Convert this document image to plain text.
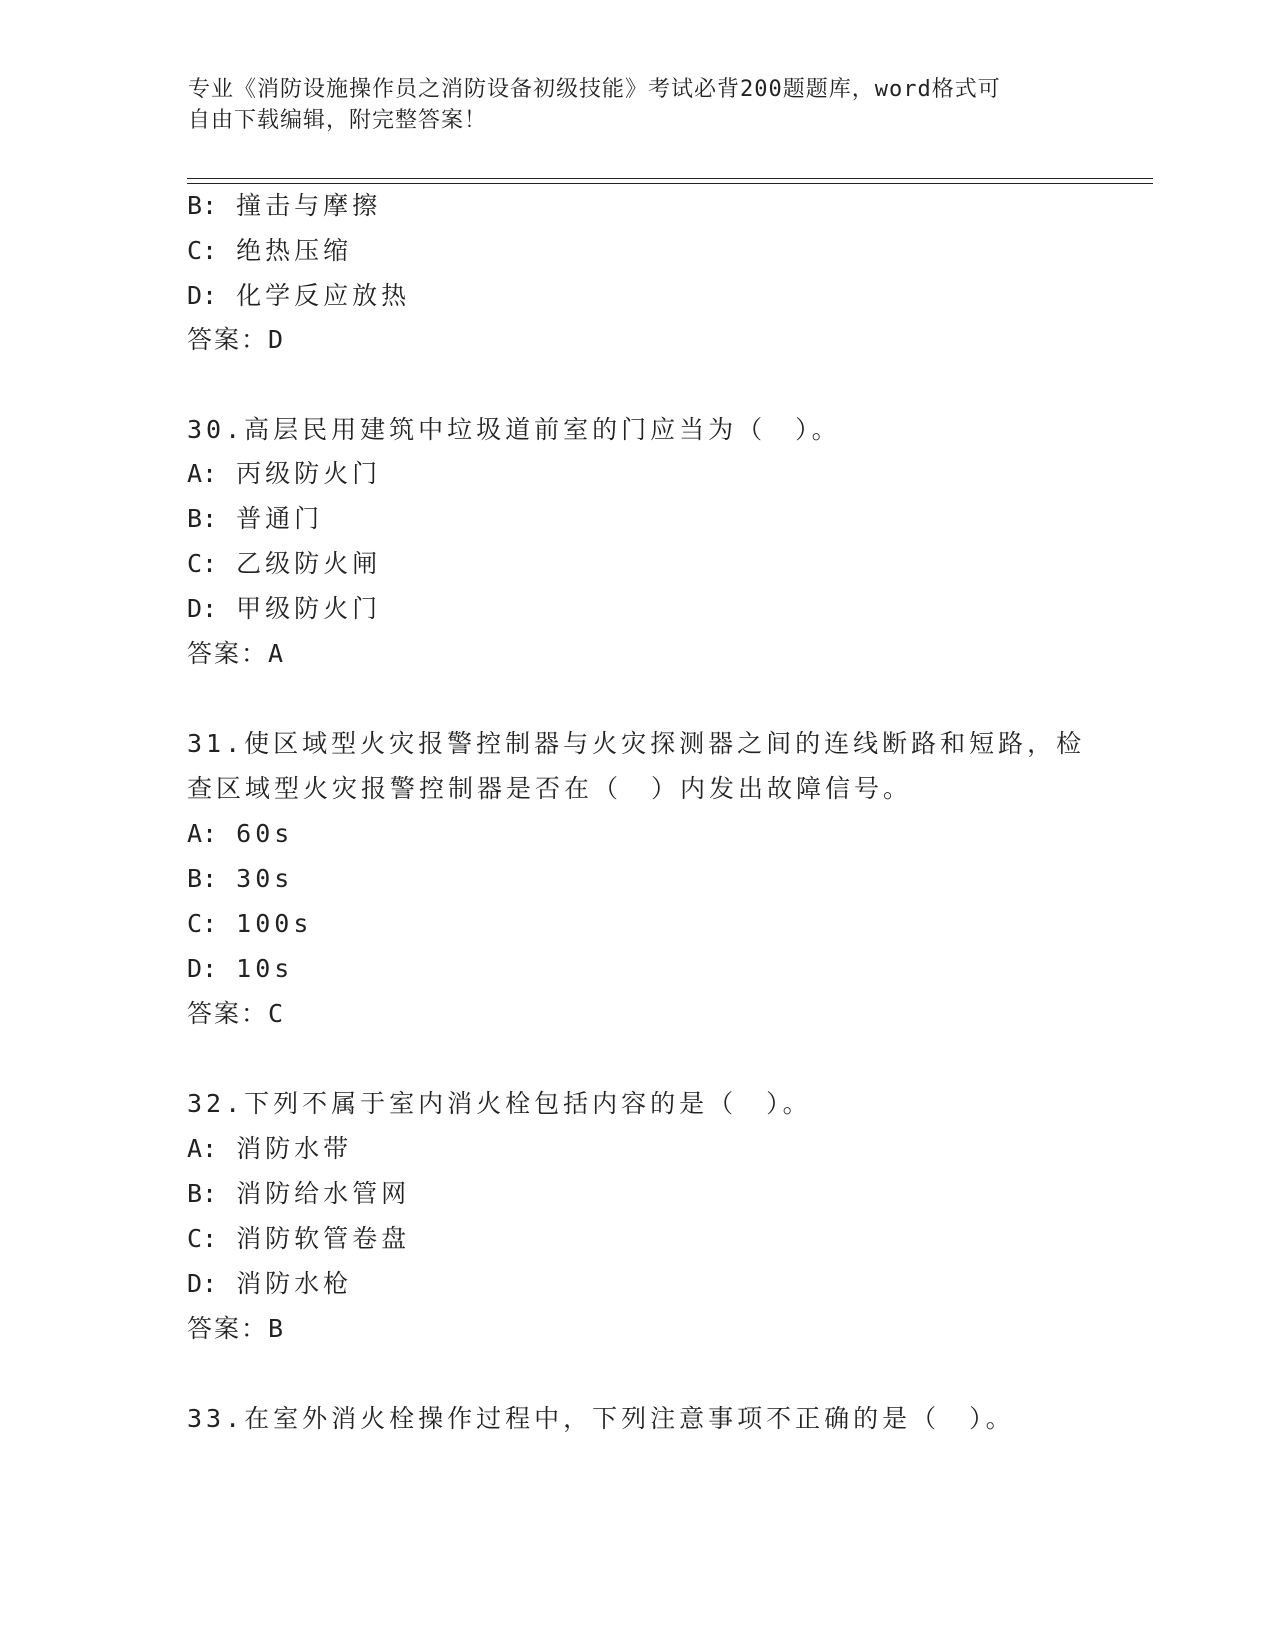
专业《消防设施操作员之消防设备初级技能》考试必背200题题库，word格式可
自由下载编辑，附完整答案！
B: 撞击与摩擦
C: 绝热压缩
D: 化学反应放热
答案：D
30.高层民用建筑中垃圾道前室的门应当为（　）。
A: 丙级防火门
B: 普通门
C: 乙级防火闸
D: 甲级防火门
答案：A
31.使区域型火灾报警控制器与火灾探测器之间的连线断路和短路，检
查区域型火灾报警控制器是否在（　）内发出故障信号。
A: 60s
B: 30s
C: 100s
D: 10s
答案：C
32.下列不属于室内消火栓包括内容的是（　）。
A: 消防水带
B: 消防给水管网
C: 消防软管卷盘
D: 消防水枪
答案：B
33.在室外消火栓操作过程中，下列注意事项不正确的是（　）。
